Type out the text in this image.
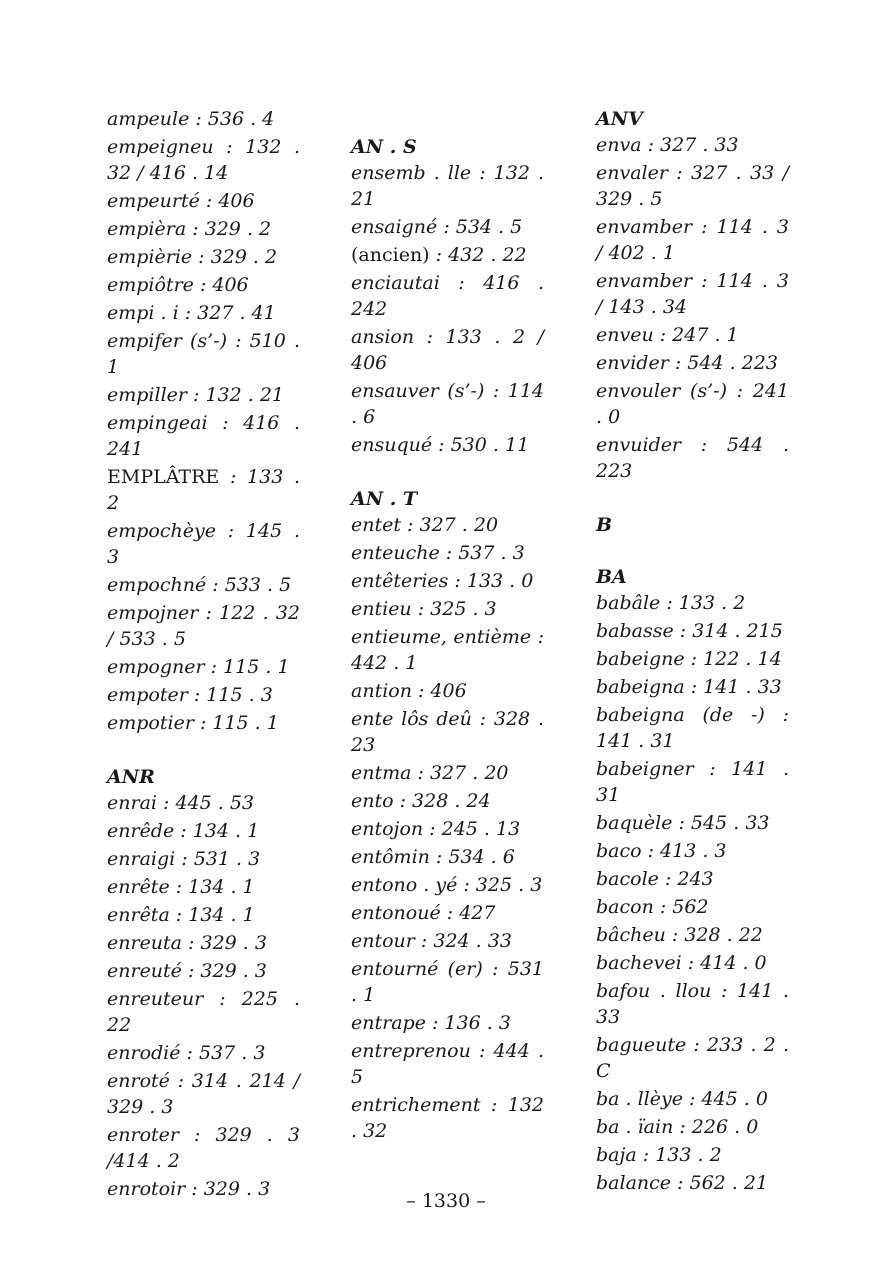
ampeule : 536 . 4
empeigneu : 132 . 32 / 416 . 14
empeurté : 406
empièra : 329 . 2
empièrie : 329 . 2
empiôtre : 406
empi . i : 327 . 41
empifer (s’-) : 510 . 1
empiller : 132 . 21
empingeai : 416 . 241
EMPLÂTRE : 133 . 2
empochèye : 145 . 3
empochné : 533 . 5
empojner : 122 . 32 / 533 . 5
empogner : 115 . 1
empoter : 115 . 3
empotier : 115 . 1
ANR
enrai : 445 . 53
enrêde : 134 . 1
enraigi : 531 . 3
enrête : 134 . 1
enrêta : 134 . 1
enreuta : 329 . 3
enreuté : 329 . 3
enreuteur : 225 . 22
enrodié : 537 . 3
enroté : 314 . 214 / 329 . 3
enroter : 329 . 3 /414 . 2
enrotoir : 329 . 3
AN . S
ensemb . lle : 132 . 21
ensaigné : 534 . 5
(ancien) : 432 . 22
enciautai : 416 . 242
ansion : 133 . 2 / 406
ensauver (s’-) : 114 . 6
ensuqué : 530 . 11
AN . T
entet : 327 . 20
enteuche : 537 . 3
entêteries : 133 . 0
entieu : 325 . 3
entieume, entième : 442 . 1
antion : 406
ente lôs deû : 328 . 23
entma : 327 . 20
ento : 328 . 24
entojon : 245 . 13
entômin : 534 . 6
entono . yé : 325 . 3
entonoué : 427
entour : 324 . 33
entourné (er) : 531 . 1
entrape : 136 . 3
entreprenou : 444 . 5
entrichement : 132 . 32
ANV
enva : 327 . 33
envaler : 327 . 33 / 329 . 5
envamber : 114 . 3 / 402 . 1
envamber : 114 . 3 / 143 . 34
enveu : 247 . 1
envider : 544 . 223
envouler (s’-) : 241 . 0
envuider : 544 . 223
B
BA
babâle : 133 . 2
babasse : 314 . 215
babeigne : 122 . 14
babeigna : 141 . 33
babeigna (de -) : 141 . 31
babeigner : 141 . 31
baquèle : 545 . 33
baco : 413 . 3
bacole : 243
bacon : 562
bâcheu : 328 . 22
bachevei : 414 . 0
bafou . llou : 141 . 33
bagueute : 233 . 2 . C
ba . llèye : 445 . 0
ba . ïain : 226 . 0
baja : 133 . 2
balance : 562 . 21
– 1330 –
